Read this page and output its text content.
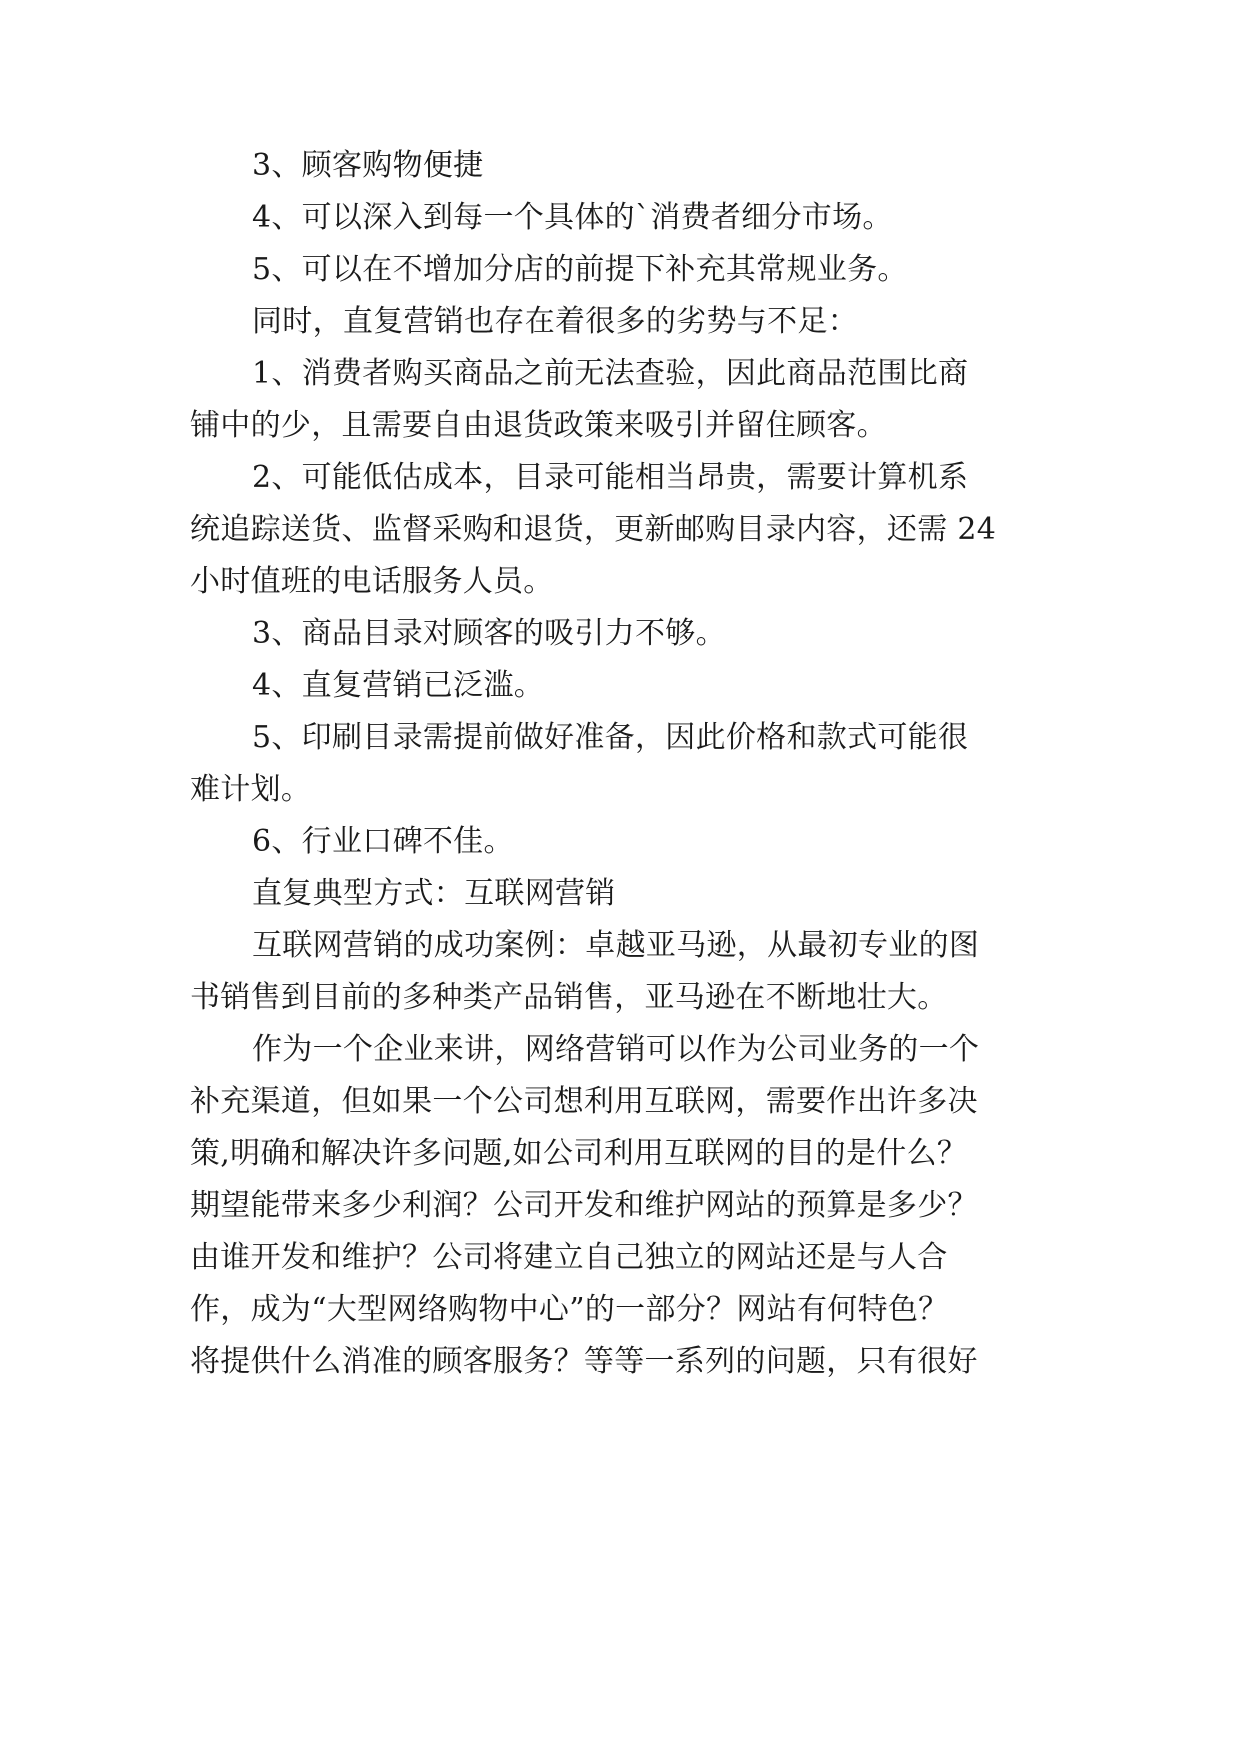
3、顾客购物便捷

4、可以深入到每一个具体的`消费者细分市场。

5、可以在不增加分店的前提下补充其常规业务。

同时，直复营销也存在着很多的劣势与不足：

1、消费者购买商品之前无法查验，因此商品范围比商

铺中的少，且需要自由退货政策来吸引并留住顾客。

2、可能低估成本，目录可能相当昂贵，需要计算机系

统追踪送货、监督采购和退货，更新邮购目录内容，还需 24

小时值班的电话服务人员。

3、商品目录对顾客的吸引力不够。

4、直复营销已泛滥。

5、印刷目录需提前做好准备，因此价格和款式可能很

难计划。

6、行业口碑不佳。

直复典型方式：互联网营销

互联网营销的成功案例：卓越亚马逊，从最初专业的图

书销售到目前的多种类产品销售，亚马逊在不断地壮大。

作为一个企业来讲，网络营销可以作为公司业务的一个

补充渠道，但如果一个公司想利用互联网，需要作出许多决

策,明确和解决许多问题,如公司利用互联网的目的是什么？

期望能带来多少利润？公司开发和维护网站的预算是多少？

由谁开发和维护？公司将建立自己独立的网站还是与人合

作，成为“大型网络购物中心”的一部分？网站有何特色？

将提供什么消准的顾客服务？等等一系列的问题，只有很好
